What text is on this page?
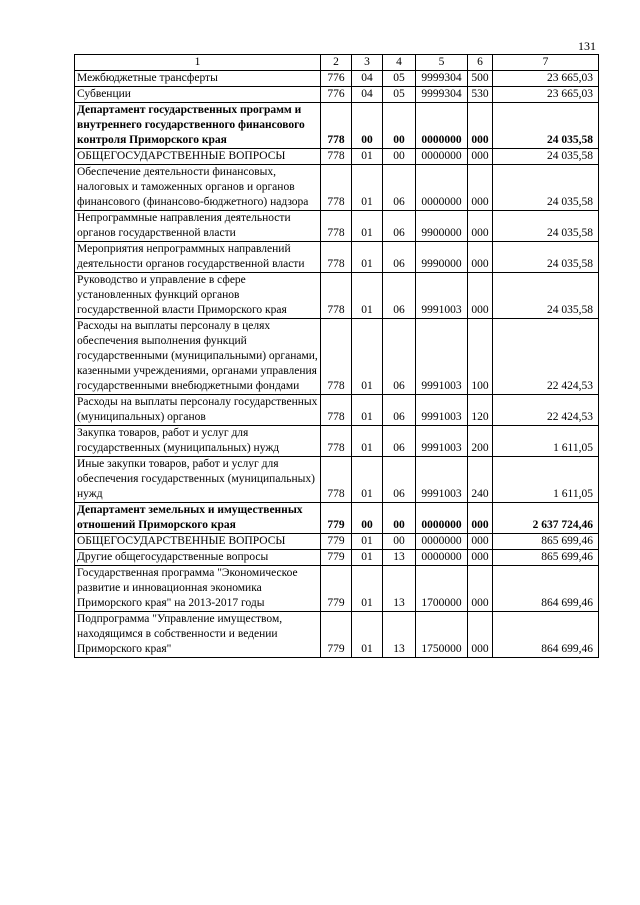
131
1	2	3	4	5	6	7
Межбюджетные трансферты	776	04	05	9999304	500	23 665,03
Субвенции	776	04	05	9999304	530	23 665,03
Департамент государственных программ и внутреннего государственного финансового контроля Приморского края	778	00	00	0000000	000	24 035,58
ОБЩЕГОСУДАРСТВЕННЫЕ ВОПРОСЫ	778	01	00	0000000	000	24 035,58
Обеспечение деятельности финансовых, налоговых и таможенных органов и органов финансового (финансово-бюджетного) надзора	778	01	06	0000000	000	24 035,58
Непрограммные направления деятельности органов государственной власти	778	01	06	9900000	000	24 035,58
Мероприятия непрограммных направлений деятельности органов государственной власти	778	01	06	9990000	000	24 035,58
Руководство и управление в сфере установленных функций органов государственной власти Приморского края	778	01	06	9991003	000	24 035,58
Расходы на выплаты персоналу в целях обеспечения выполнения функций государственными (муниципальными) органами, казенными учреждениями, органами управления государственными внебюджетными фондами	778	01	06	9991003	100	22 424,53
Расходы на выплаты персоналу государственных (муниципальных) органов	778	01	06	9991003	120	22 424,53
Закупка товаров, работ и услуг для государственных (муниципальных) нужд	778	01	06	9991003	200	1 611,05
Иные закупки товаров, работ и услуг для обеспечения государственных (муниципальных) нужд	778	01	06	9991003	240	1 611,05
Департамент земельных и имущественных отношений Приморского края	779	00	00	0000000	000	2 637 724,46
ОБЩЕГОСУДАРСТВЕННЫЕ ВОПРОСЫ	779	01	00	0000000	000	865 699,46
Другие общегосударственные вопросы	779	01	13	0000000	000	865 699,46
Государственная программа "Экономическое развитие и инновационная экономика Приморского края" на 2013-2017 годы	779	01	13	1700000	000	864 699,46
Подпрограмма "Управление имуществом, находящимся в собственности и ведении Приморского края"	779	01	13	1750000	000	864 699,46
